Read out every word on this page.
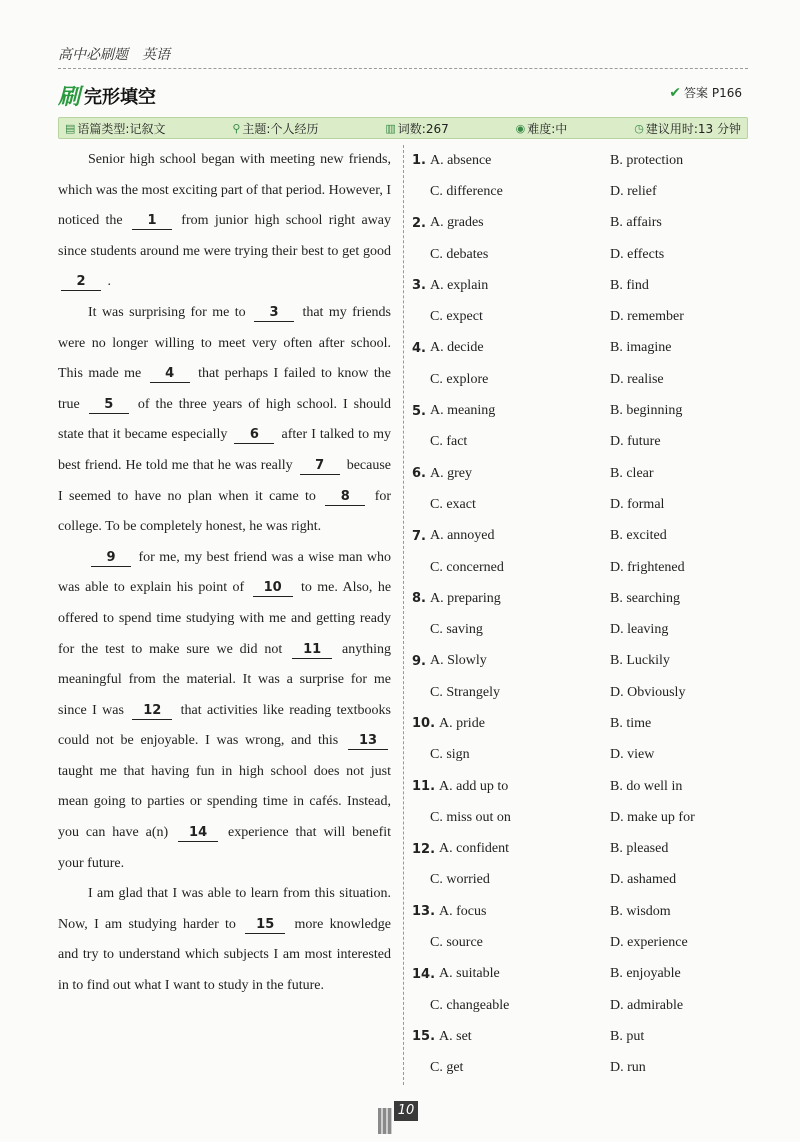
高中必刷题　英语
刷 完形填空	✔ 答案 P166
▤ 语篇类型:记叙文	⚲ 主题:个人经历	▥ 词数:267	◉ 难度:中	◷ 建议用时:13 分钟

Senior high school began with meeting new friends, which was the most exciting part of that period. However, I noticed the 1 from junior high school right away since students around me were trying their best to get good 2 .

It was surprising for me to 3 that my friends were no longer willing to meet very often after school. This made me 4 that perhaps I failed to know the true 5 of the three years of high school. I should state that it became especially 6 after I talked to my best friend. He told me that he was really 7 because I seemed to have no plan when it came to 8 for college. To be completely honest, he was right.

9 for me, my best friend was a wise man who was able to explain his point of 10 to me. Also, he offered to spend time studying with me and getting ready for the test to make sure we did not 11 anything meaningful from the material. It was a surprise for me since I was 12 that activities like reading textbooks could not be enjoyable. I was wrong, and this 13 taught me that having fun in high school does not just mean going to parties or spending time in cafés. Instead, you can have a(n) 14 experience that will benefit your future.

I am glad that I was able to learn from this situation. Now, I am studying harder to 15 more knowledge and try to understand which subjects I am most interested in to find out what I want to study in the future.

1. A. absence	B. protection
C. difference	D. relief
2. A. grades	B. affairs
C. debates	D. effects
3. A. explain	B. find
C. expect	D. remember
4. A. decide	B. imagine
C. explore	D. realise
5. A. meaning	B. beginning
C. fact	D. future
6. A. grey	B. clear
C. exact	D. formal
7. A. annoyed	B. excited
C. concerned	D. frightened
8. A. preparing	B. searching
C. saving	D. leaving
9. A. Slowly	B. Luckily
C. Strangely	D. Obviously
10. A. pride	B. time
C. sign	D. view
11. A. add up to	B. do well in
C. miss out on	D. make up for
12. A. confident	B. pleased
C. worried	D. ashamed
13. A. focus	B. wisdom
C. source	D. experience
14. A. suitable	B. enjoyable
C. changeable	D. admirable
15. A. set	B. put
C. get	D. run
10
